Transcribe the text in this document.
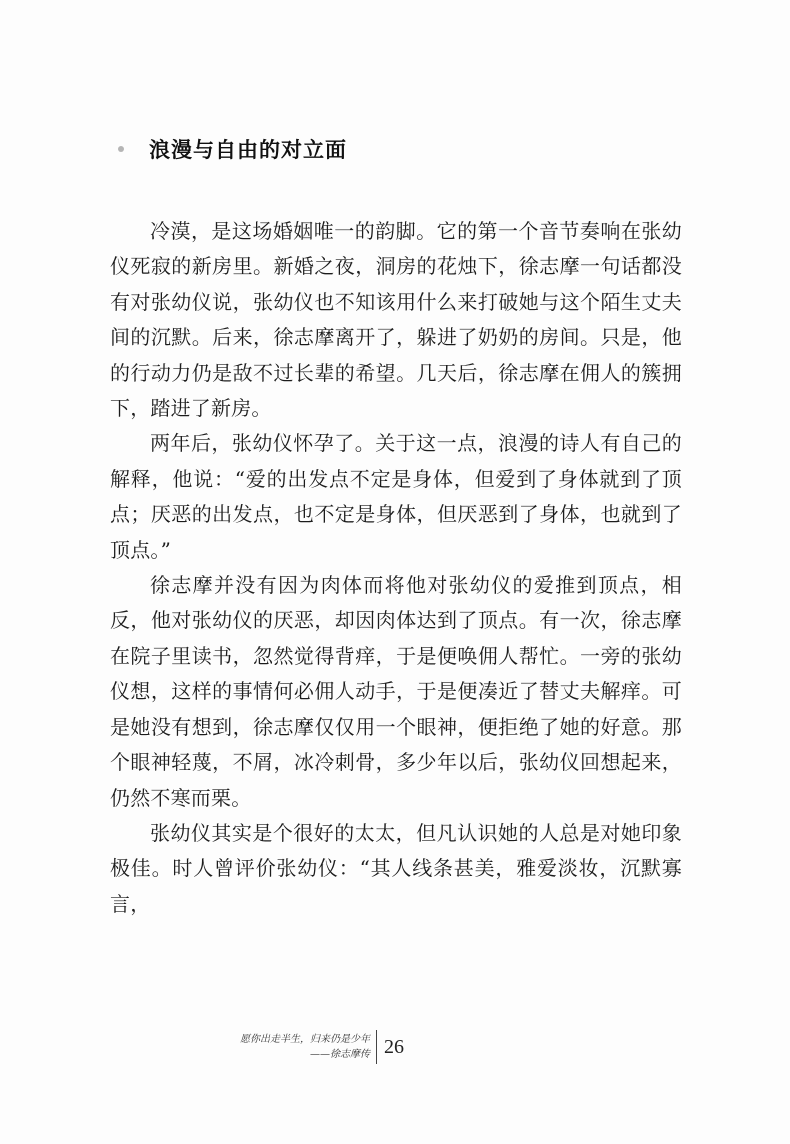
浪漫与自由的对立面

冷漠，是这场婚姻唯一的韵脚。它的第一个音节奏响在张幼仪死寂的新房里。新婚之夜，洞房的花烛下，徐志摩一句话都没有对张幼仪说，张幼仪也不知该用什么来打破她与这个陌生丈夫间的沉默。后来，徐志摩离开了，躲进了奶奶的房间。只是，他的行动力仍是敌不过长辈的希望。几天后，徐志摩在佣人的簇拥下，踏进了新房。

两年后，张幼仪怀孕了。关于这一点，浪漫的诗人有自己的解释，他说：“爱的出发点不定是身体，但爱到了身体就到了顶点；厌恶的出发点，也不定是身体，但厌恶到了身体，也就到了顶点。”

徐志摩并没有因为肉体而将他对张幼仪的爱推到顶点，相反，他对张幼仪的厌恶，却因肉体达到了顶点。有一次，徐志摩在院子里读书，忽然觉得背痒，于是便唤佣人帮忙。一旁的张幼仪想，这样的事情何必佣人动手，于是便凑近了替丈夫解痒。可是她没有想到，徐志摩仅仅用一个眼神，便拒绝了她的好意。那个眼神轻蔑，不屑，冰冷刺骨，多少年以后，张幼仪回想起来，仍然不寒而栗。

张幼仪其实是个很好的太太，但凡认识她的人总是对她印象极佳。时人曾评价张幼仪：“其人线条甚美，雅爱淡妆，沉默寡言，

愿你出走半生，归来仍是少年
——徐志摩传 26
